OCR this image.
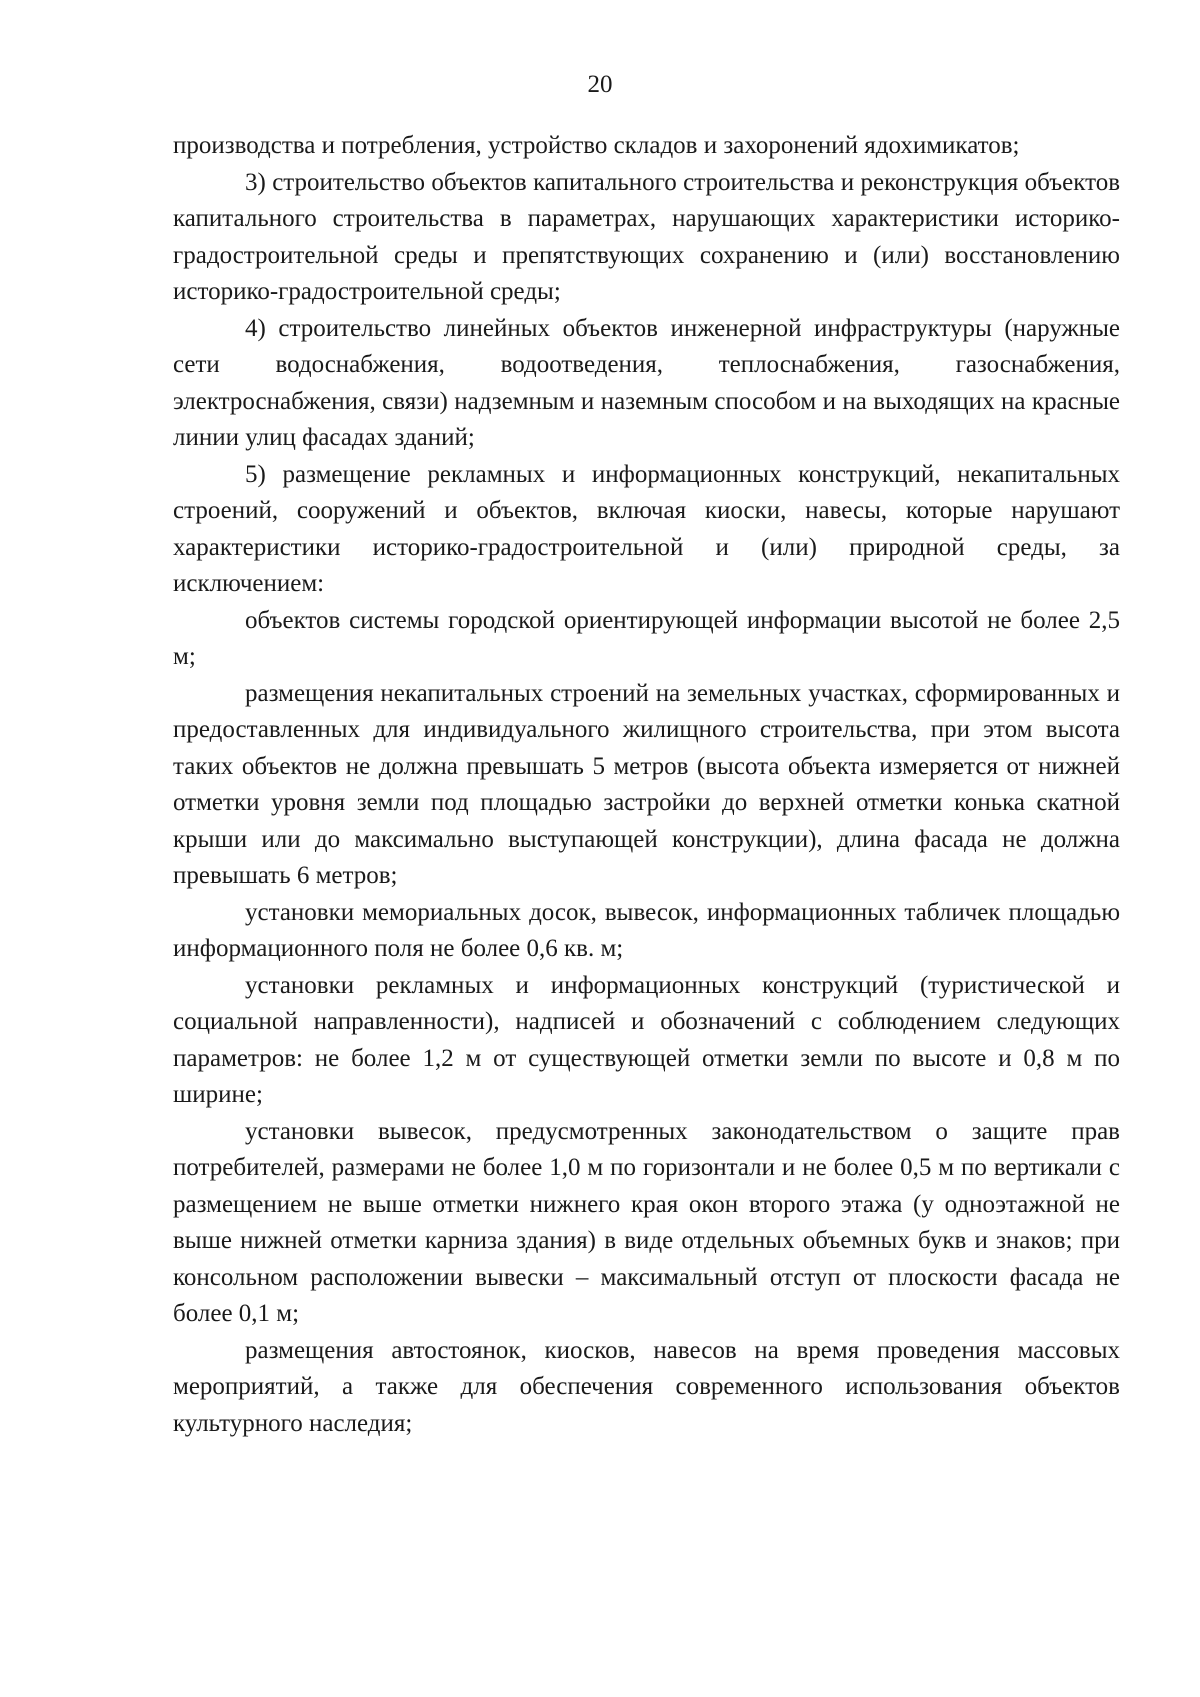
20

производства и потребления, устройство складов и захоронений ядохимикатов;

3) строительство объектов капитального строительства и реконструкция объектов капитального строительства в параметрах, нарушающих характеристики историко-градостроительной среды и препятствующих сохранению и (или) восстановлению историко-градостроительной среды;

4) строительство линейных объектов инженерной инфраструктуры (наружные сети водоснабжения, водоотведения, теплоснабжения, газоснабжения, электроснабжения, связи) надземным и наземным способом и на выходящих на красные линии улиц фасадах зданий;

5) размещение рекламных и информационных конструкций, некапитальных строений, сооружений и объектов, включая киоски, навесы, которые нарушают характеристики историко-градостроительной и (или) природной среды, за исключением:

объектов системы городской ориентирующей информации высотой не более 2,5 м;

размещения некапитальных строений на земельных участках, сформированных и предоставленных для индивидуального жилищного строительства, при этом высота таких объектов не должна превышать 5 метров (высота объекта измеряется от нижней отметки уровня земли под площадью застройки до верхней отметки конька скатной крыши или до максимально выступающей конструкции), длина фасада не должна превышать 6 метров;

установки мемориальных досок, вывесок, информационных табличек площадью информационного поля не более 0,6 кв. м;

установки рекламных и информационных конструкций (туристической и социальной направленности), надписей и обозначений с соблюдением следующих параметров: не более 1,2 м от существующей отметки земли по высоте и 0,8 м по ширине;

установки вывесок, предусмотренных законодательством о защите прав потребителей, размерами не более 1,0 м по горизонтали и не более 0,5 м по вертикали с размещением не выше отметки нижнего края окон второго этажа (у одноэтажной не выше нижней отметки карниза здания) в виде отдельных объемных букв и знаков; при консольном расположении вывески – максимальный отступ от плоскости фасада не более 0,1 м;

размещения автостоянок, киосков, навесов на время проведения массовых мероприятий, а также для обеспечения современного использования объектов культурного наследия;
